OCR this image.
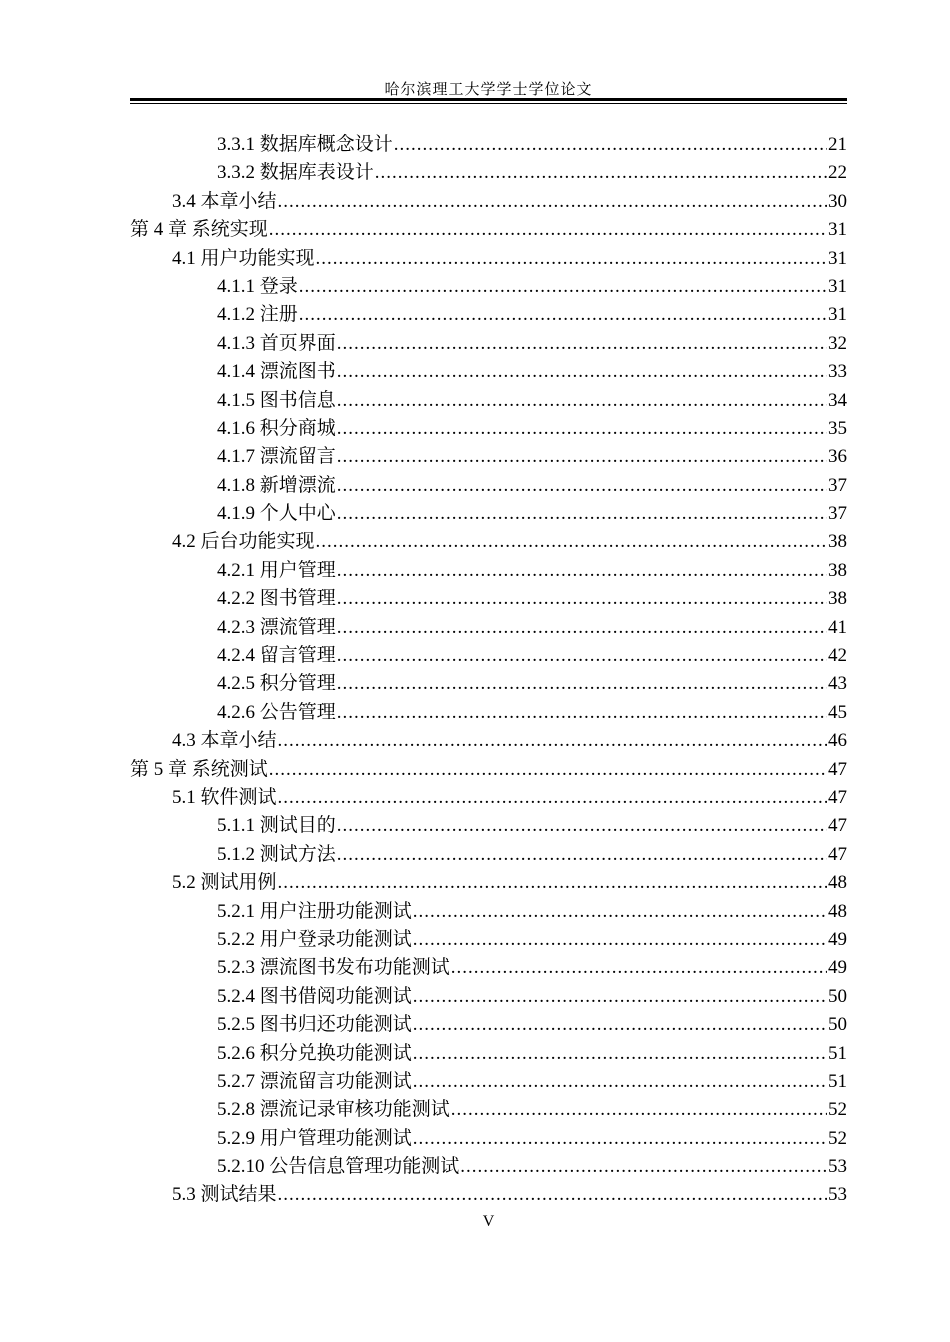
哈尔滨理工大学学士学位论文
3.3.1 数据库概念设计 .....	21
3.3.2 数据库表设计 .....	22
3.4 本章小结 .....	30
第 4 章 系统实现 .....	31
4.1 用户功能实现 .....	31
4.1.1 登录 .....	31
4.1.2 注册 .....	31
4.1.3 首页界面 .....	32
4.1.4 漂流图书 .....	33
4.1.5 图书信息 .....	34
4.1.6 积分商城 .....	35
4.1.7 漂流留言 .....	36
4.1.8 新增漂流 .....	37
4.1.9 个人中心 .....	37
4.2 后台功能实现 .....	38
4.2.1 用户管理 .....	38
4.2.2 图书管理 .....	38
4.2.3 漂流管理 .....	41
4.2.4 留言管理 .....	42
4.2.5 积分管理 .....	43
4.2.6 公告管理 .....	45
4.3 本章小结 .....	46
第 5 章 系统测试 .....	47
5.1 软件测试 .....	47
5.1.1 测试目的 .....	47
5.1.2 测试方法 .....	47
5.2 测试用例 .....	48
5.2.1 用户注册功能测试 .....	48
5.2.2 用户登录功能测试 .....	49
5.2.3 漂流图书发布功能测试 .....	49
5.2.4 图书借阅功能测试 .....	50
5.2.5 图书归还功能测试 .....	50
5.2.6 积分兑换功能测试 .....	51
5.2.7 漂流留言功能测试 .....	51
5.2.8 漂流记录审核功能测试 .....	52
5.2.9 用户管理功能测试 .....	52
5.2.10 公告信息管理功能测试 .....	53
5.3 测试结果 .....	53
V
